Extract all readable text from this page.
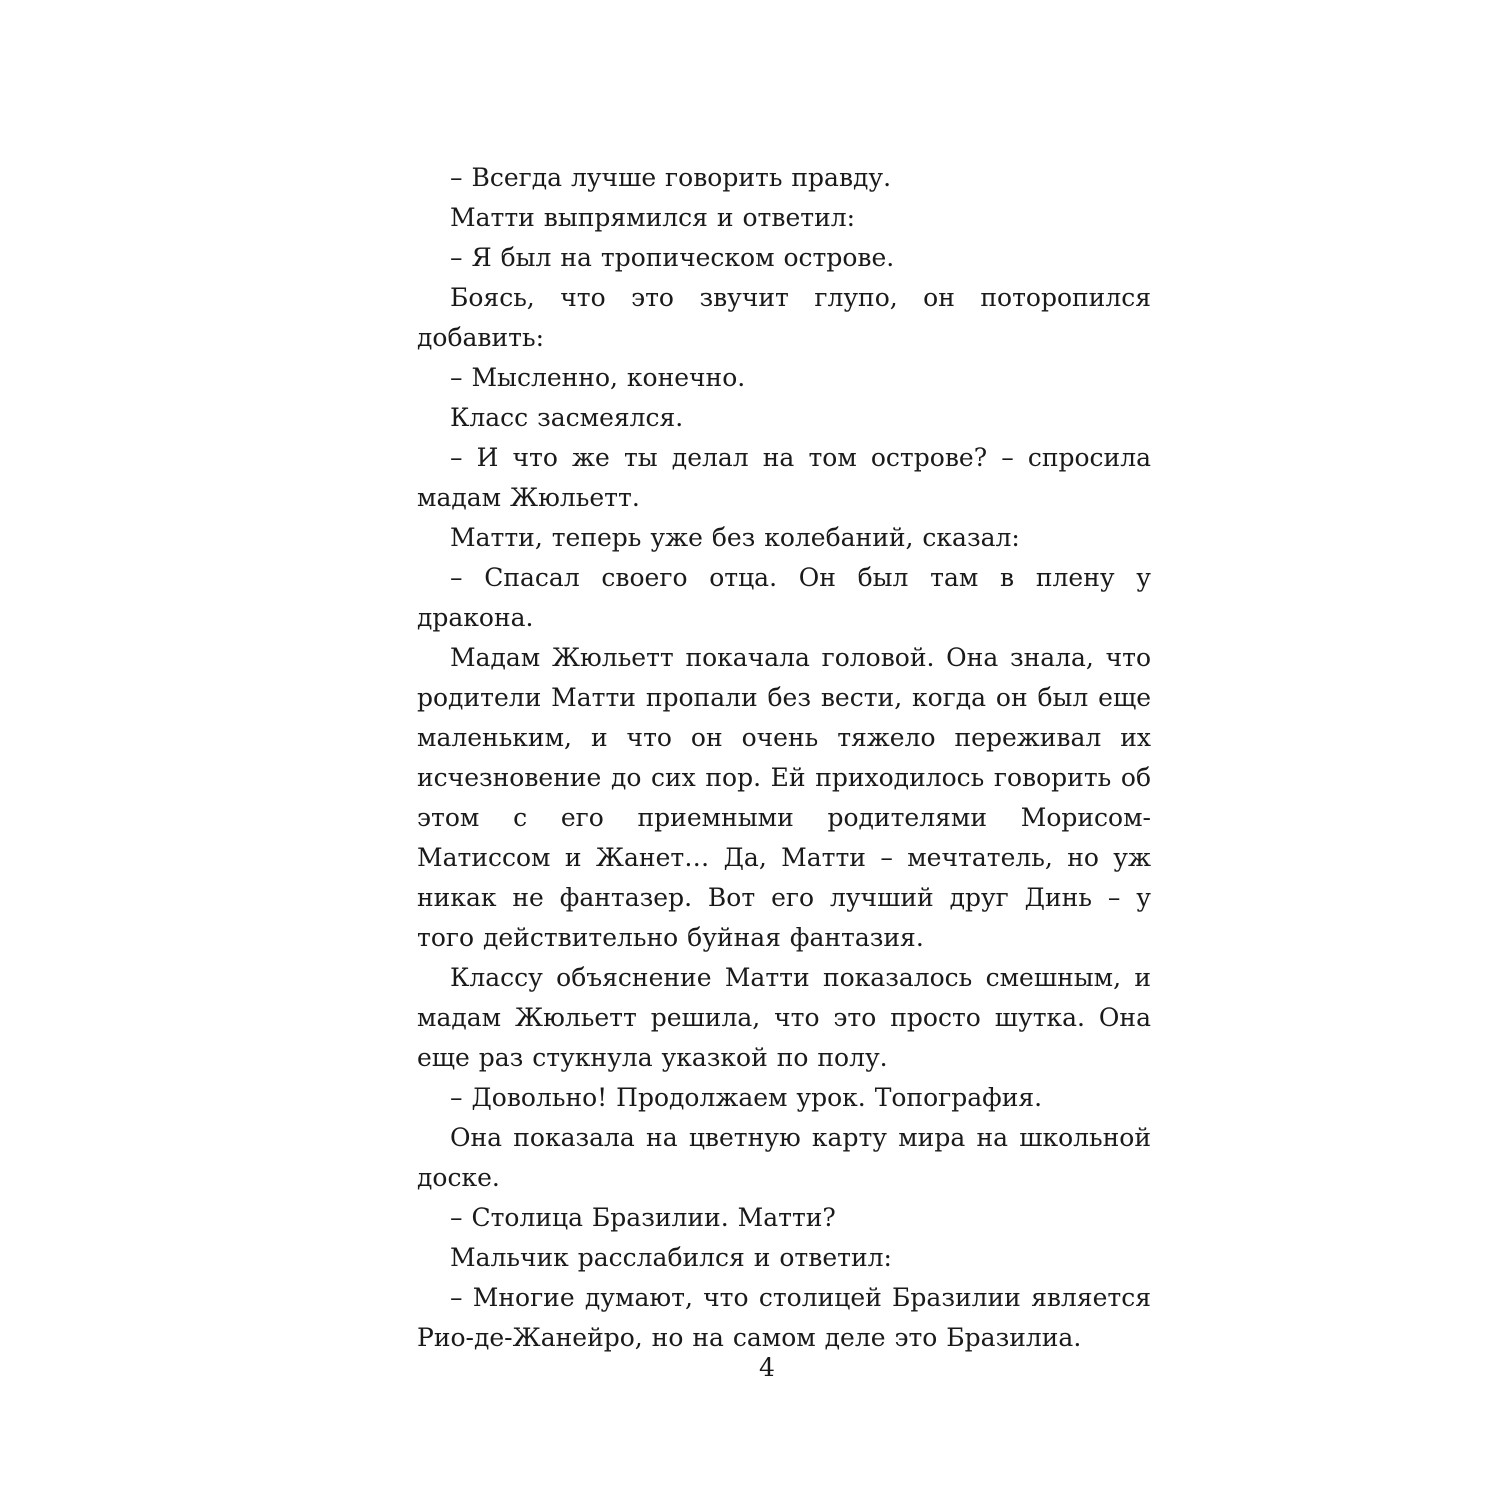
– Всегда лучше говорить правду.

Матти выпрямился и ответил:

– Я был на тропическом острове.

Боясь, что это звучит глупо, он поторопился добавить:

– Мысленно, конечно.

Класс засмеялся.

– И что же ты делал на том острове? – спросила мадам Жюльетт.

Матти, теперь уже без колебаний, сказал:

– Спасал своего отца. Он был там в плену у дракона.

Мадам Жюльетт покачала головой. Она знала, что родители Матти пропали без вести, когда он был еще маленьким, и что он очень тяжело переживал их исчезновение до сих пор. Ей приходилось говорить об этом с его приемными родителями Морисом-Матиссом и Жанет… Да, Матти – мечтатель, но уж никак не фантазер. Вот его лучший друг Динь – у того действительно буйная фантазия.

Классу объяснение Матти показалось смешным, и мадам Жюльетт решила, что это просто шутка. Она еще раз стукнула указкой по полу.

– Довольно! Продолжаем урок. Топография.

Она показала на цветную карту мира на школьной доске.

– Столица Бразилии. Матти?

Мальчик расслабился и ответил:

– Многие думают, что столицей Бразилии является Рио-де-Жанейро, но на самом деле это Бразилиа.

4
